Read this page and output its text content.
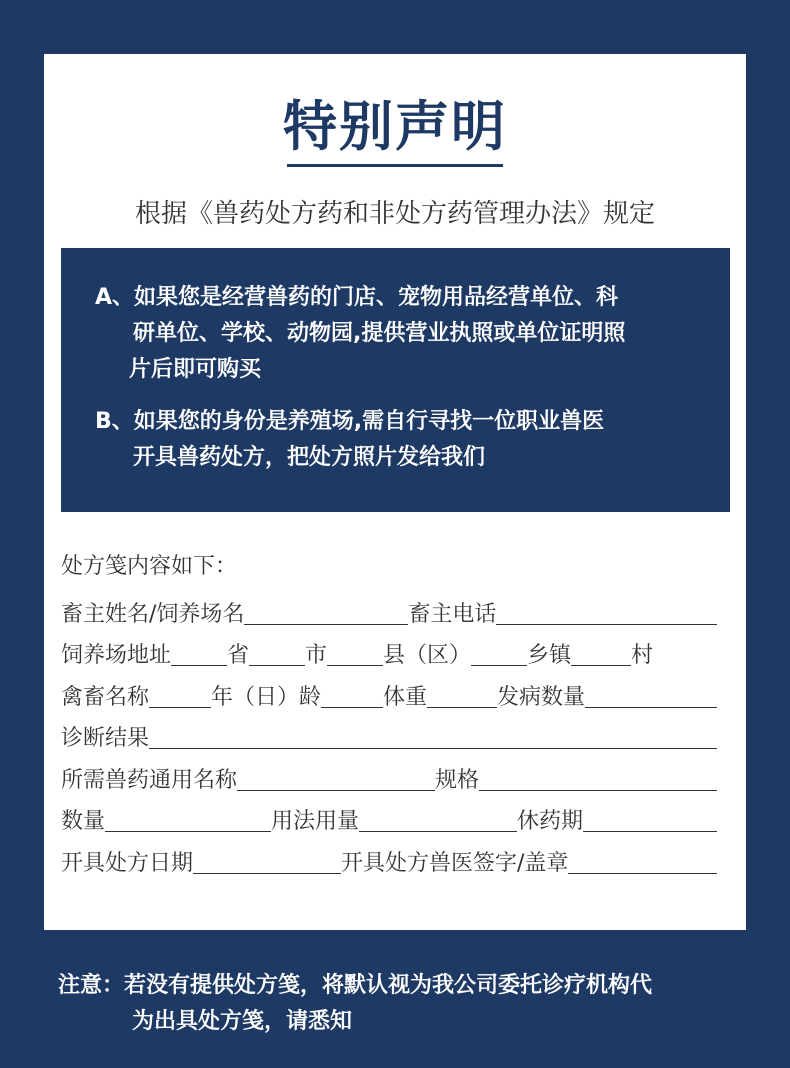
特别声明
根据《兽药处方药和非处方药管理办法》规定
A、如果您是经营兽药的门店、宠物用品经营单位、科
研单位、学校、动物园,提供营业执照或单位证明照
片后即可购买
B、如果您的身份是养殖场,需自行寻找一位职业兽医
开具兽药处方，把处方照片发给我们
处方笺内容如下：
畜主姓名/饲养场名	畜主电话
饲养场地址	省	市	县（区）	乡镇	村
禽畜名称	年（日）龄	体重	发病数量
诊断结果
所需兽药通用名称	规格
数量	用法用量	休药期
开具处方日期	开具处方兽医签字/盖章
注意：若没有提供处方笺，将默认视为我公司委托诊疗机构代
为出具处方笺，请悉知
